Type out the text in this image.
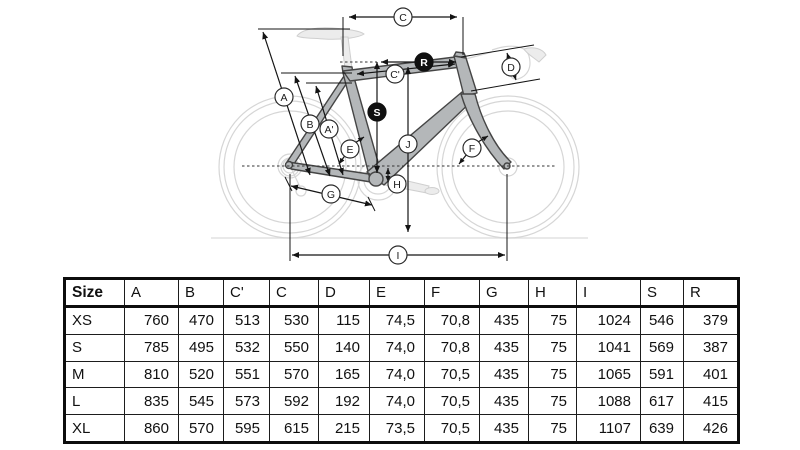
A
B A'
C
C'
D
E	F
G
H
J
I
S
R
Size	A	B	C'	C	D	E	F	G	H	I	S	R
XS	760	470	513	530	115	74,5	70,8	435	75	1024	546	379
S	785	495	532	550	140	74,0	70,8	435	75	1041	569	387
M	810	520	551	570	165	74,0	70,5	435	75	1065	591	401
L	835	545	573	592	192	74,0	70,5	435	75	1088	617	415
XL	860	570	595	615	215	73,5	70,5	435	75	1107	639	426
